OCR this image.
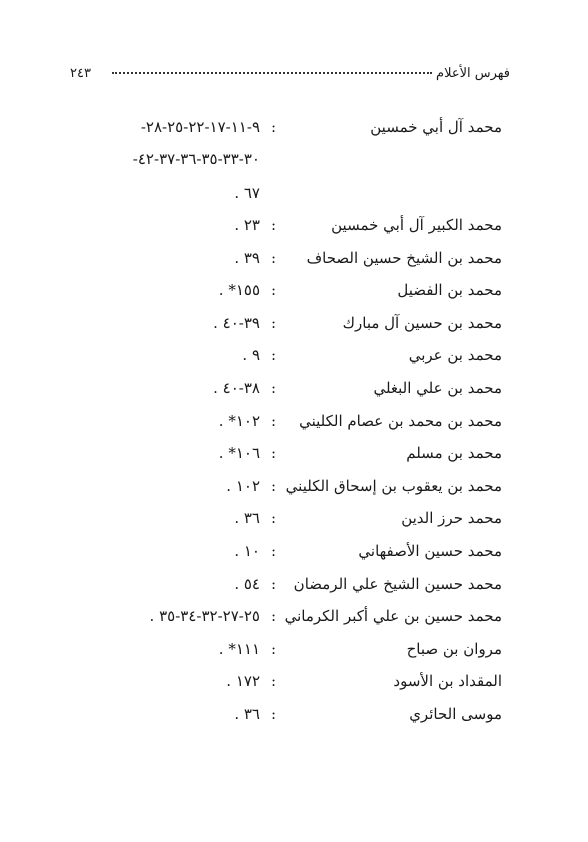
٢٤٣	فهرس الأعلام
محمد آل أبي خمسين
:
٩-١١-١٧-٢٢-٢٥-٢٨-
٣٠-٣٣-٣٥-٣٦-٣٧-٤٢-
٦٧ .
محمد الكبير آل أبي خمسين
:
٢٣ .
محمد بن الشيخ حسين الصحاف
:
٣٩ .
محمد بن الفضيل
:
١٥٥* .
محمد بن حسين آل مبارك
:
٣٩-٤٠ .
محمد بن عربي
:
٩ .
محمد بن علي البغلي
:
٣٨-٤٠ .
محمد بن محمد بن عصام الكليني
:
١٠٢* .
محمد بن مسلم
:
١٠٦* .
محمد بن يعقوب بن إسحاق الكليني
:
١٠٢ .
محمد حرز الدين
:
٣٦ .
محمد حسين الأصفهاني
:
١٠ .
محمد حسين الشيخ علي الرمضان
:
٥٤ .
محمد حسين بن علي أكبر الكرماني
:
٢٥-٢٧-٣٢-٣٤-٣٥ .
مروان بن صباح
:
١١١* .
المقداد بن الأسود
:
١٧٢ .
موسى الحائري
:
٣٦ .
